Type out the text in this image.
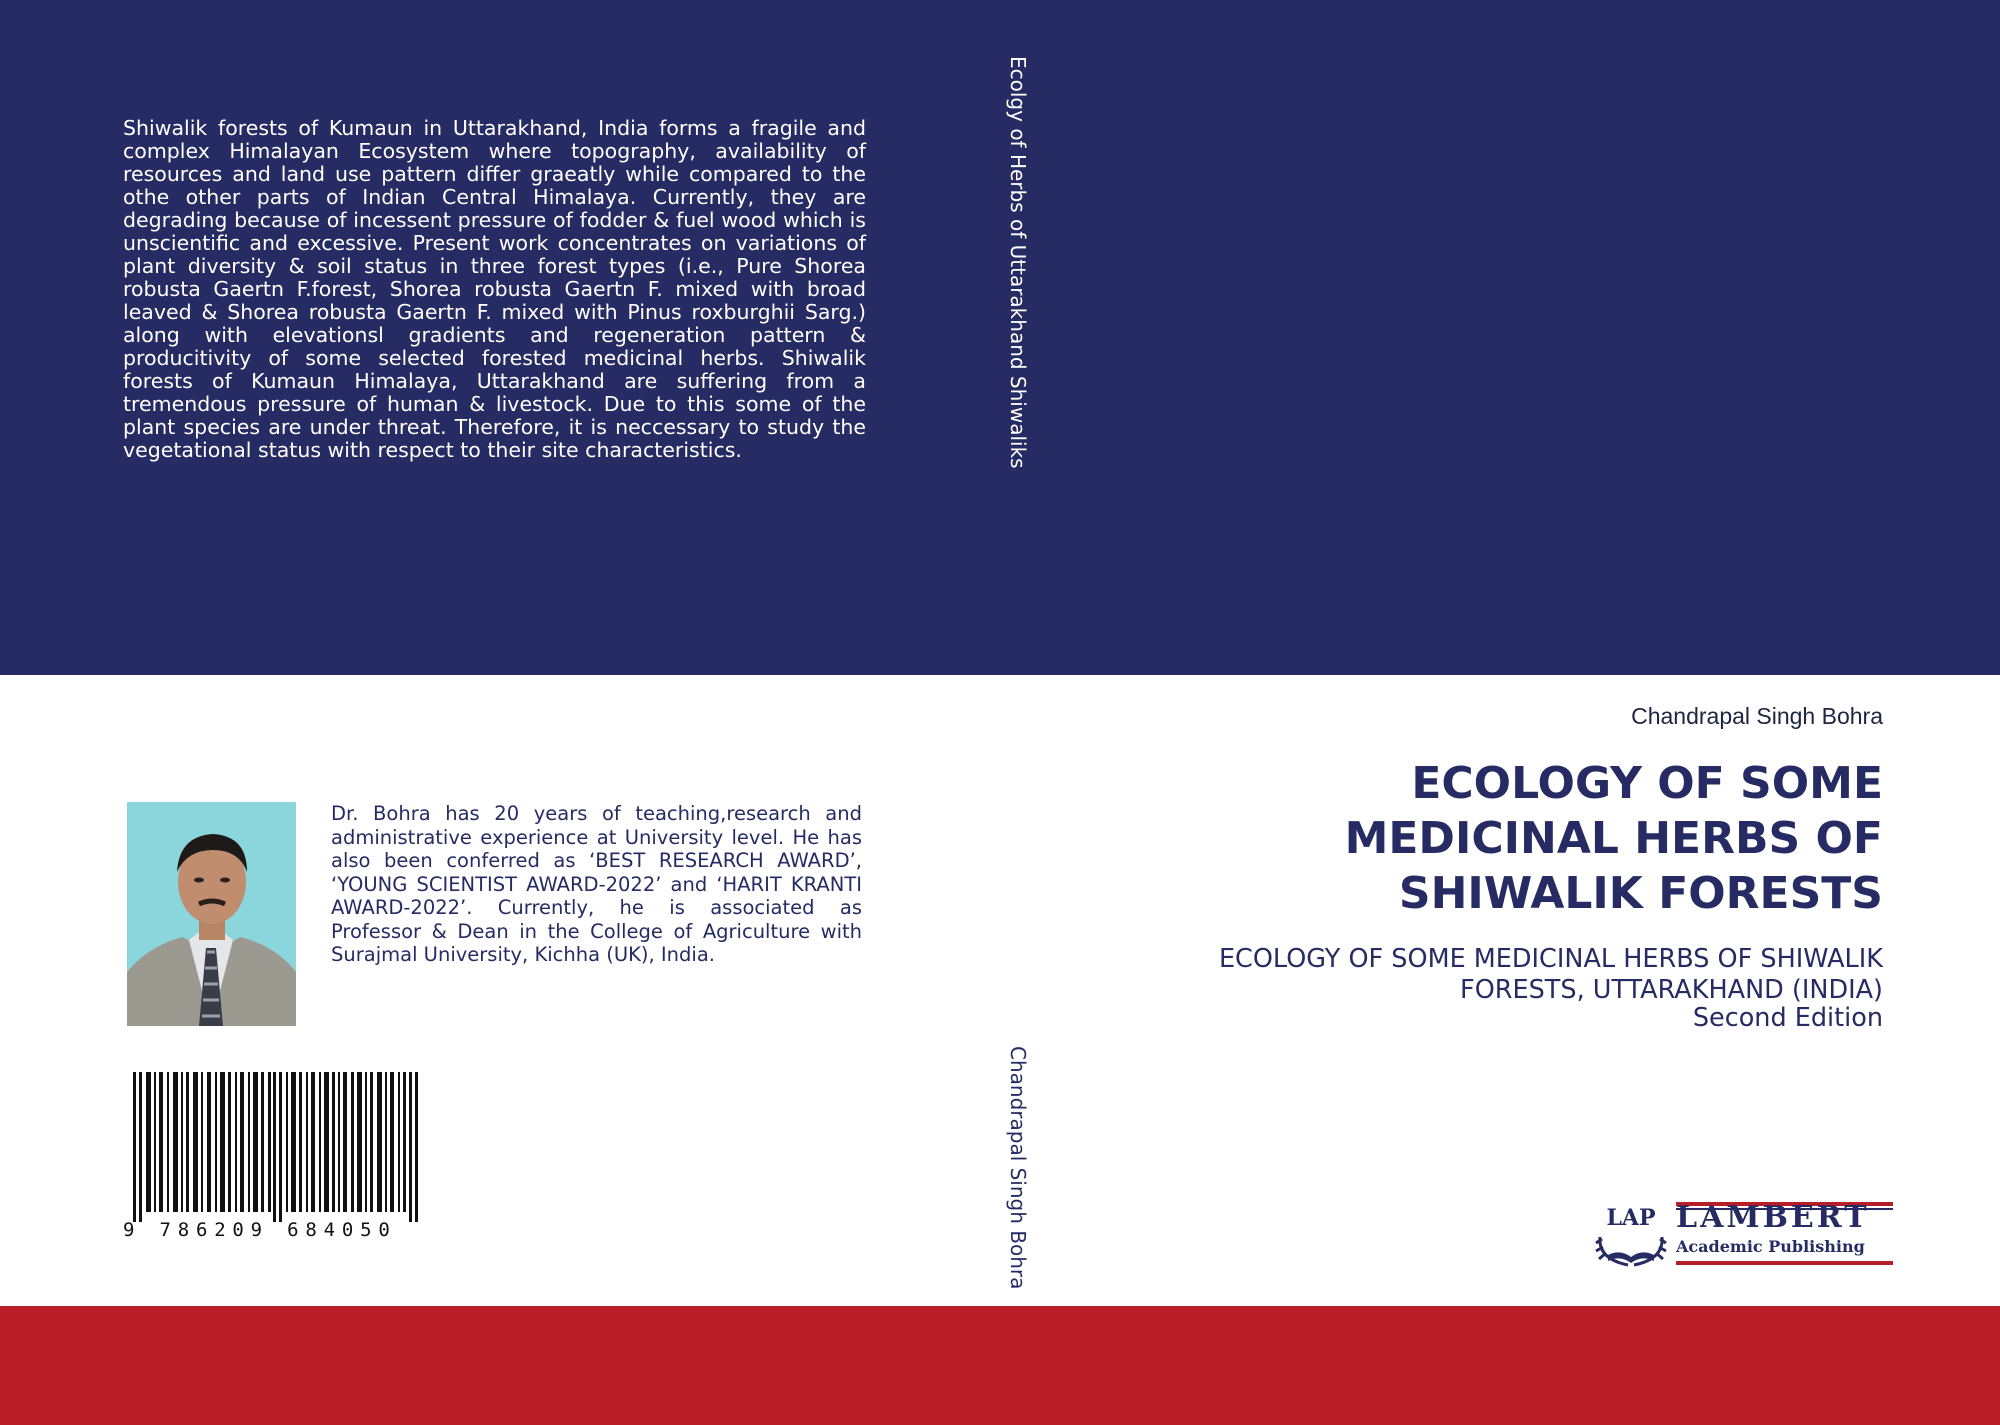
Shiwalik forests of Kumaun in Uttarakhand, India forms a fragile and complex Himalayan Ecosystem where topography, availability of resources and land use pattern differ graeatly while compared to the othe other parts of Indian Central Himalaya. Currently, they are degrading because of incessent pressure of fodder & fuel wood which is unscientific and excessive. Present work concentrates on variations of plant diversity & soil status in three forest types (i.e., Pure Shorea robusta Gaertn F.forest, Shorea robusta Gaertn F. mixed with broad leaved & Shorea robusta Gaertn F. mixed with Pinus roxburghii Sarg.) along with elevationsl gradients and regeneration pattern & producitivity of some selected forested medicinal herbs. Shiwalik forests of Kumaun Himalaya, Uttarakhand are suffering from a tremendous pressure of human & livestock. Due to this some of the plant species are under threat. Therefore, it is neccessary to study the vegetational status with respect to their site characteristics.	Ecolgy of Herbs of Uttarakhand Shiwaliks
Chandrapal Singh Bohra
Dr. Bohra has 20 years of teaching,research and administrative experience at University level. He has also been conferred as ‘BEST RESEARCH AWARD’, ‘YOUNG SCIENTIST AWARD-2022’ and ‘HARIT KRANTI AWARD-2022’. Currently, he is associated as Professor & Dean in the College of Agriculture with Surajmal University, Kichha (UK), India.
9 786209 684050
Chandrapal Singh Bohra
ECOLOGY OF SOME MEDICINAL HERBS OF SHIWALIK FORESTS
ECOLOGY OF SOME MEDICINAL HERBS OF SHIWALIK FORESTS, UTTARAKHAND (INDIA)
Second Edition
LAP LAMBERT
Academic Publishing
